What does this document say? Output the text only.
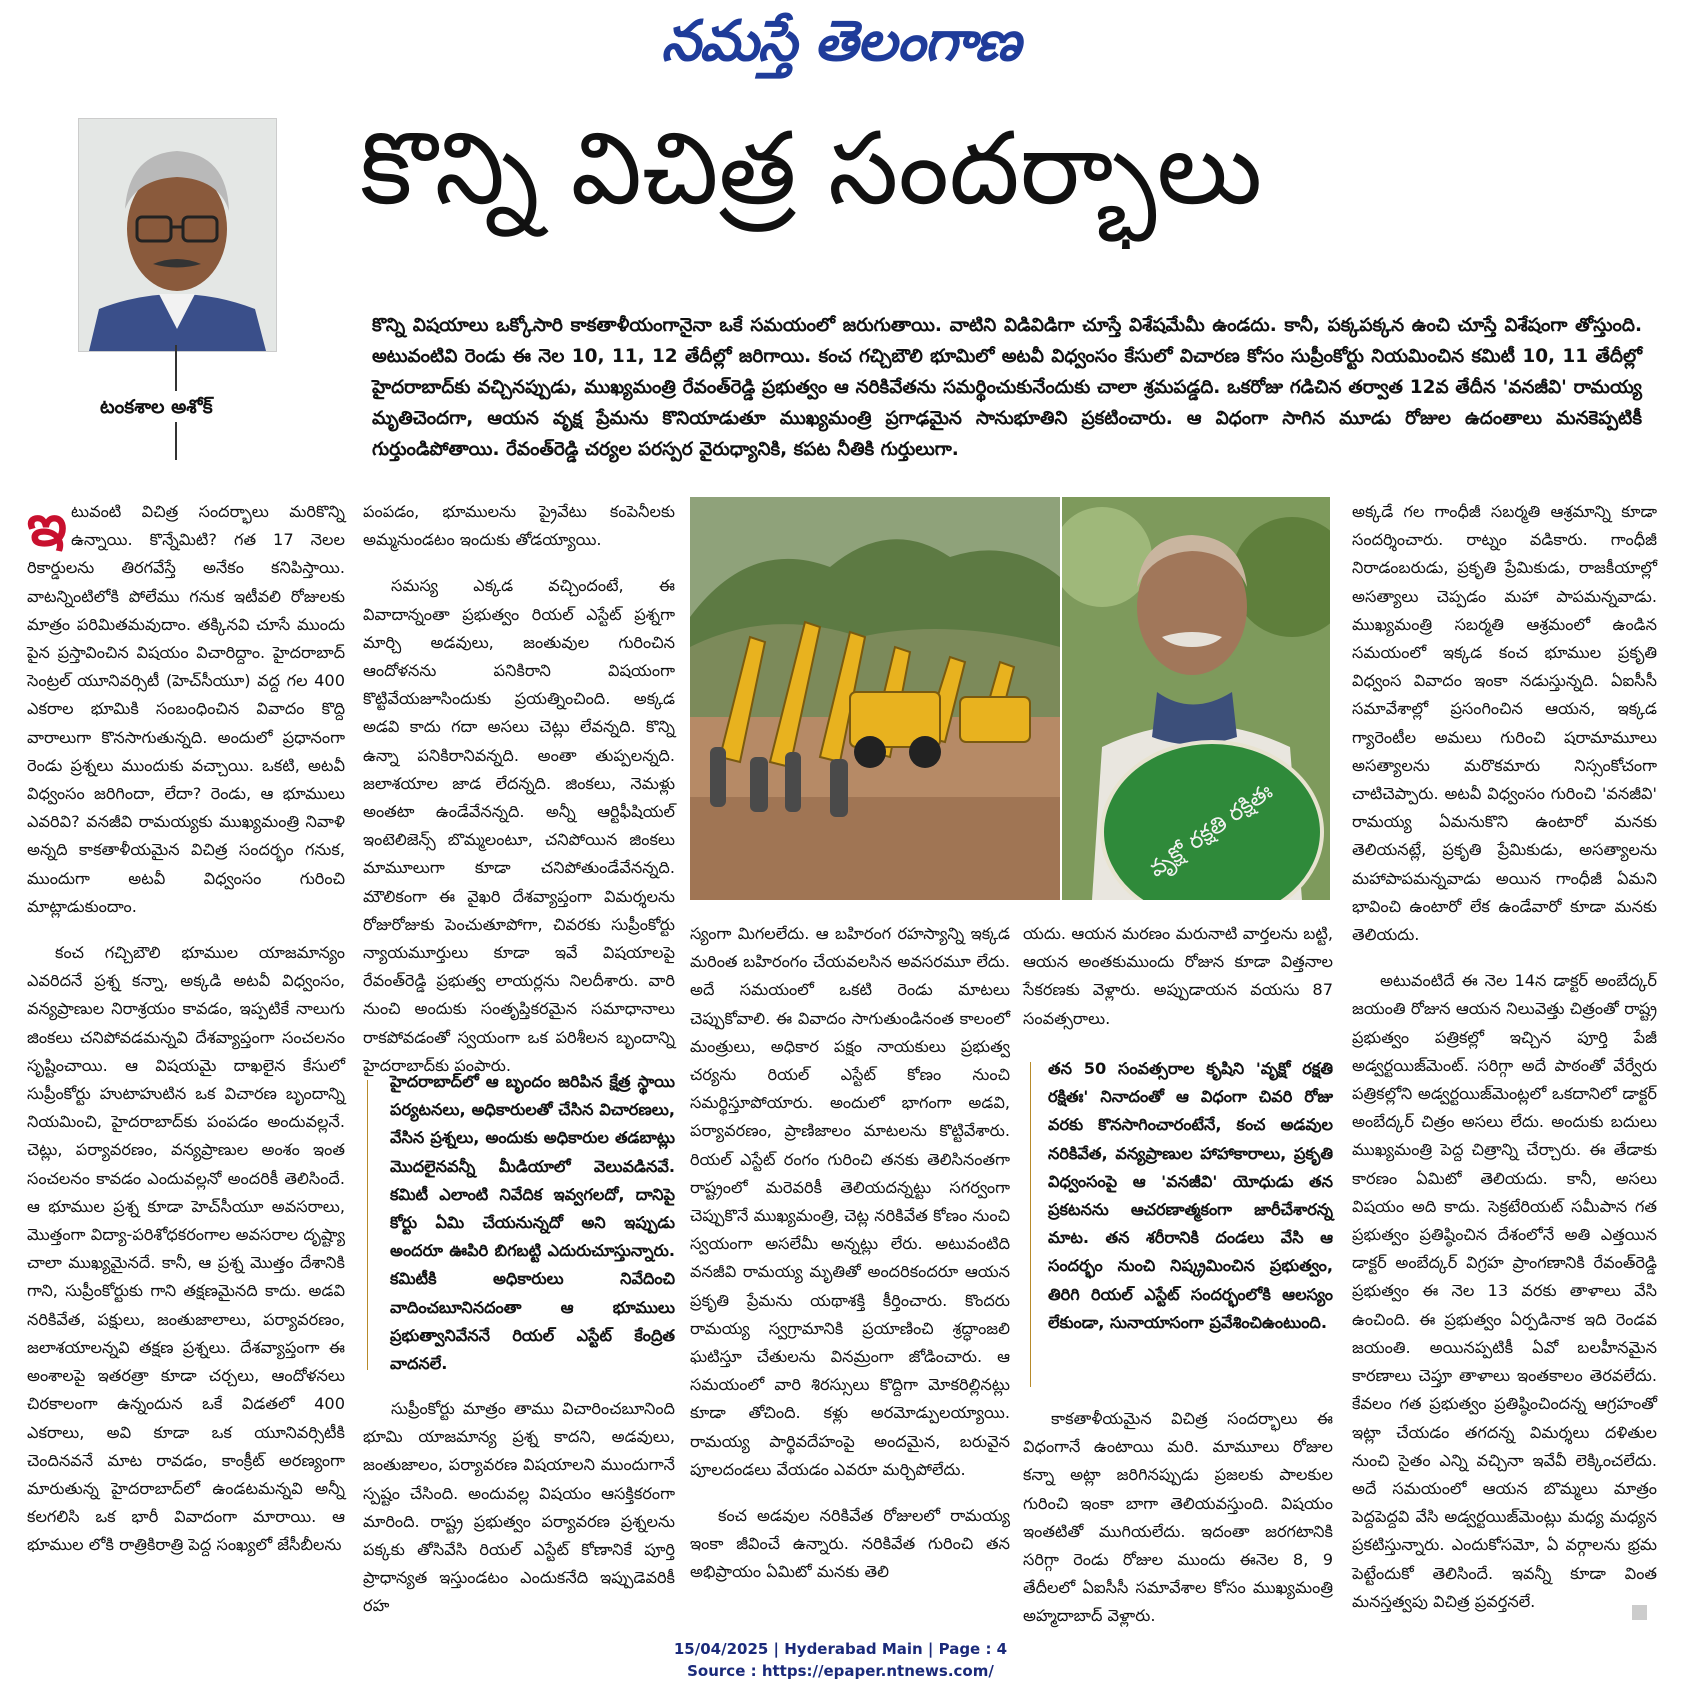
నమస్తే తెలంగాణ
టంకశాల అశోక్
కొన్ని విచిత్ర సందర్భాలు
కొన్ని విషయాలు ఒక్కోసారి కాకతాళీయంగానైనా ఒకే సమయంలో జరుగుతాయి. వాటిని విడివిడిగా చూస్తే విశేషమేమీ ఉండదు. కానీ, పక్కపక్కన ఉంచి చూస్తే విశేషంగా తోస్తుంది. అటువంటివి రెండు ఈ నెల 10, 11, 12 తేదీల్లో జరిగాయి. కంచ గచ్చిబౌలి భూమిలో అటవీ విధ్వంసం కేసులో విచారణ కోసం సుప్రీంకోర్టు నియమించిన కమిటీ 10, 11 తేదీల్లో హైదరాబాద్‌కు వచ్చినప్పుడు, ముఖ్యమంత్రి రేవంత్‌రెడ్డి ప్రభుత్వం ఆ నరికివేతను సమర్థించుకునేందుకు చాలా శ్రమపడ్డది. ఒకరోజు గడిచిన తర్వాత 12వ తేదీన 'వనజీవి' రామయ్య మృతిచెందగా, ఆయన వృక్ష ప్రేమను కొనియాడుతూ ముఖ్యమంత్రి ప్రగాఢమైన సానుభూతిని ప్రకటించారు. ఆ విధంగా సాగిన మూడు రోజుల ఉదంతాలు మనకెప్పటికీ గుర్తుండిపోతాయి. రేవంత్‌రెడ్డి చర్యల పరస్పర వైరుధ్యానికి, కపట నీతికి గుర్తులుగా.

ఇటువంటి విచిత్ర సందర్భాలు మరికొన్ని ఉన్నాయి. కొన్నేమిటి? గత 17 నెలల రికార్డులను తిరగవేస్తే అనేకం కనిపిస్తాయి. వాటన్నింటిలోకి పోలేము గనుక ఇటీవలి రోజులకు మాత్రం పరిమితమవుదాం. తక్కినవి చూసే ముందు పైన ప్రస్తావించిన విషయం విచారిద్దాం. హైదరాబాద్ సెంట్రల్ యూనివర్సిటీ (హెచ్‌సీయూ) వద్ద గల 400 ఎకరాల భూమికి సంబంధించిన వివాదం కొద్ది వారాలుగా కొనసాగుతున్నది. అందులో ప్రధానంగా రెండు ప్రశ్నలు ముందుకు వచ్చాయి. ఒకటి, అటవీ విధ్వంసం జరిగిందా, లేదా? రెండు, ఆ భూములు ఎవరివి? వనజీవి రామయ్యకు ముఖ్యమంత్రి నివాళి అన్నది కాకతాళీయమైన విచిత్ర సందర్భం గనుక, ముందుగా అటవీ విధ్వంసం గురించి మాట్లాడుకుందాం.

కంచ గచ్చిబౌలి భూముల యాజమాన్యం ఎవరిదనే ప్రశ్న కన్నా, అక్కడి అటవీ విధ్వంసం, వన్యప్రాణుల నిరాశ్రయం కావడం, ఇప్పటికే నాలుగు జింకలు చనిపోవడమన్నవి దేశవ్యాప్తంగా సంచలనం సృష్టించాయి. ఆ విషయమై దాఖలైన కేసులో సుప్రీంకోర్టు హుటాహుటిన ఒక విచారణ బృందాన్ని నియమించి, హైదరాబాద్‌కు పంపడం అందువల్లనే. చెట్లు, పర్యావరణం, వన్యప్రాణుల అంశం ఇంత సంచలనం కావడం ఎందువల్లనో అందరికీ తెలిసిందే. ఆ భూముల ప్రశ్న కూడా హెచ్‌సీయూ అవసరాలు, మొత్తంగా విద్యా-పరిశోధకరంగాల అవసరాల దృష్ట్యా చాలా ముఖ్యమైనదే. కానీ, ఆ ప్రశ్న మొత్తం దేశానికి గాని, సుప్రీంకోర్టుకు గాని తక్షణమైనది కాదు. అడవి నరికివేత, పక్షులు, జంతుజాలాలు, పర్యావరణం, జలాశయాలన్నవి తక్షణ ప్రశ్నలు. దేశవ్యాప్తంగా ఈ అంశాలపై ఇతరత్రా కూడా చర్చలు, ఆందోళనలు చిరకాలంగా ఉన్నందున ఒకే విడతలో 400 ఎకరాలు, అవి కూడా ఒక యూనివర్సిటీకి చెందినవనే మాట రావడం, కాంక్రీట్ అరణ్యంగా మారుతున్న హైదరాబాద్‌లో ఉండటమన్నవి అన్నీ కలగలిసి ఒక భారీ వివాదంగా మారాయి. ఆ భూముల లోకి రాత్రికిరాత్రి పెద్ద సంఖ్యలో జేసీబీలను

పంపడం, భూములను ప్రైవేటు కంపెనీలకు అమ్మనుండటం ఇందుకు తోడయ్యాయి.

సమస్య ఎక్కడ వచ్చిందంటే, ఈ వివాదాన్నంతా ప్రభుత్వం రియల్ ఎస్టేట్ ప్రశ్నగా మార్చి అడవులు, జంతువుల గురించిన ఆందోళనను పనికిరాని విషయంగా కొట్టివేయజూసిందుకు ప్రయత్నించింది. అక్కడ అడవి కాదు గదా అసలు చెట్లు లేవన్నది. కొన్ని ఉన్నా పనికిరానివన్నది. అంతా తుప్పలన్నది. జలాశయాల జాడ లేదన్నది. జింకలు, నెమళ్లు అంతటా ఉండేవేనన్నది. అన్నీ ఆర్టిఫీషియల్ ఇంటెలిజెన్స్ బొమ్మలంటూ, చనిపోయిన జింకలు మామూలుగా కూడా చనిపోతుండేవేనన్నది. మౌలికంగా ఈ వైఖరి దేశవ్యాప్తంగా విమర్శలను రోజురోజుకు పెంచుతూపోగా, చివరకు సుప్రీంకోర్టు న్యాయమూర్తులు కూడా ఇవే విషయాలపై రేవంత్‌రెడ్డి ప్రభుత్వ లాయర్లను నిలదీశారు. వారి నుంచి అందుకు సంతృప్తికరమైన సమాధానాలు రాకపోవడంతో స్వయంగా ఒక పరిశీలన బృందాన్ని హైదరాబాద్‌కు పంపారు.

హైదరాబాద్‌లో ఆ బృందం జరిపిన క్షేత్ర స్థాయి పర్యటనలు, అధికారులతో చేసిన విచారణలు, వేసిన ప్రశ్నలు, అందుకు అధికారుల తడబాట్లు మొదలైనవన్నీ మీడియాలో వెలువడినవే. కమిటీ ఎలాంటి నివేదిక ఇవ్వగలదో, దానిపై కోర్టు ఏమి చేయనున్నదో అని ఇప్పుడు అందరూ ఊపిరి బిగబట్టి ఎదురుచూస్తున్నారు. కమిటీకి అధికారులు నివేదించి వాదించబూనినదంతా ఆ భూములు ప్రభుత్వానివేననే రియల్ ఎస్టేట్ కేంద్రిత వాదనలే.

సుప్రీంకోర్టు మాత్రం తాము విచారించబూనింది భూమి యాజమాన్య ప్రశ్న కాదని, అడవులు, జంతుజాలం, పర్యావరణ విషయాలని ముందుగానే స్పష్టం చేసింది. అందువల్ల విషయం ఆసక్తికరంగా మారింది. రాష్ట్ర ప్రభుత్వం పర్యావరణ ప్రశ్నలను పక్కకు తోసివేసి రియల్ ఎస్టేట్ కోణానికే పూర్తి ప్రాధాన్యత ఇస్తుండటం ఎందుకనేది ఇప్పుడెవరికీ రహ

వృక్షో రక్షతి రక్షితః

స్యంగా మిగలలేదు. ఆ బహిరంగ రహస్యాన్ని ఇక్కడ మరింత బహిరంగం చేయవలసిన అవసరమూ లేదు. అదే సమయంలో ఒకటి రెండు మాటలు చెప్పుకోవాలి. ఈ వివాదం సాగుతుండినంత కాలంలో మంత్రులు, అధికార పక్షం నాయకులు ప్రభుత్వ చర్యను రియల్ ఎస్టేట్ కోణం నుంచి సమర్థిస్తూపోయారు. అందులో భాగంగా అడవి, పర్యావరణం, ప్రాణిజాలం మాటలను కొట్టివేశారు. రియల్ ఎస్టేట్ రంగం గురించి తనకు తెలిసినంతగా రాష్ట్రంలో మరెవరికీ తెలియదన్నట్టు సగర్వంగా చెప్పుకొనే ముఖ్యమంత్రి, చెట్ల నరికివేత కోణం నుంచి స్వయంగా అసలేమీ అన్నట్లు లేరు. అటువంటిది వనజీవి రామయ్య మృతితో అందరికందరూ ఆయన ప్రకృతి ప్రేమను యథాశక్తి కీర్తించారు. కొందరు రామయ్య స్వగ్రామానికి ప్రయాణించి శ్రద్ధాంజలి ఘటిస్తూ చేతులను వినమ్రంగా జోడించారు. ఆ సమయంలో వారి శిరస్సులు కొద్దిగా మోకరిల్లినట్లు కూడా తోచింది. కళ్లు అరమోడ్పులయ్యాయి. రామయ్య పార్థివదేహంపై అందమైన, బరువైన పూలదండలు వేయడం ఎవరూ మర్చిపోలేదు.

కంచ అడవుల నరికివేత రోజులలో రామయ్య ఇంకా జీవించే ఉన్నారు. నరికివేత గురించి తన అభిప్రాయం ఏమిటో మనకు తెలి

యదు. ఆయన మరణం మరునాటి వార్తలను బట్టి, ఆయన అంతకుముందు రోజున కూడా విత్తనాల సేకరణకు వెళ్లారు. అప్పుడాయన వయసు 87 సంవత్సరాలు.

తన 50 సంవత్సరాల కృషిని 'వృక్షో రక్షతి రక్షితః' నినాదంతో ఆ విధంగా చివరి రోజు వరకు కొనసాగించారంటేనే, కంచ అడవుల నరికివేత, వన్యప్రాణుల హాహాకారాలు, ప్రకృతి విధ్వంసంపై ఆ 'వనజీవి' యోధుడు తన ప్రకటనను ఆచరణాత్మకంగా జారీచేశారన్న మాట. తన శరీరానికి దండలు వేసి ఆ సందర్భం నుంచి నిష్క్రమించిన ప్రభుత్వం, తిరిగి రియల్ ఎస్టేట్ సందర్భంలోకి ఆలస్యం లేకుండా, సునాయాసంగా ప్రవేశించిఉంటుంది.

కాకతాళీయమైన విచిత్ర సందర్భాలు ఈ విధంగానే ఉంటాయి మరి. మామూలు రోజుల కన్నా అట్లా జరిగినప్పుడు ప్రజలకు పాలకుల గురించి ఇంకా బాగా తెలియవస్తుంది. విషయం ఇంతటితో ముగియలేదు. ఇదంతా జరగటానికి సరిగ్గా రెండు రోజుల ముందు ఈనెల 8, 9 తేదీలలో ఏఐసీసీ సమావేశాల కోసం ముఖ్యమంత్రి అహ్మదాబాద్ వెళ్లారు.

అక్కడే గల గాంధీజీ సబర్మతి ఆశ్రమాన్ని కూడా సందర్శించారు. రాట్నం వడికారు. గాంధీజీ నిరాడంబరుడు, ప్రకృతి ప్రేమికుడు, రాజకీయాల్లో అసత్యాలు చెప్పడం మహా పాపమన్నవాడు. ముఖ్యమంత్రి సబర్మతి ఆశ్రమంలో ఉండిన సమయంలో ఇక్కడ కంచ భూముల ప్రకృతి విధ్వంస వివాదం ఇంకా నడుస్తున్నది. ఏఐసీసీ సమావేశాల్లో ప్రసంగించిన ఆయన, ఇక్కడ గ్యారెంటీల అమలు గురించి షరామామూలు అసత్యాలను మరొకమారు నిస్సంకోచంగా చాటిచెప్పారు. అటవీ విధ్వంసం గురించి 'వనజీవి' రామయ్య ఏమనుకొని ఉంటారో మనకు తెలియనట్లే, ప్రకృతి ప్రేమికుడు, అసత్యాలను మహాపాపమన్నవాడు అయిన గాంధీజీ ఏమని భావించి ఉంటారో లేక ఉండేవారో కూడా మనకు తెలియదు.

అటువంటిదే ఈ నెల 14న డాక్టర్ అంబేద్కర్ జయంతి రోజున ఆయన నిలువెత్తు చిత్రంతో రాష్ట్ర ప్రభుత్వం పత్రికల్లో ఇచ్చిన పూర్తి పేజీ అడ్వర్టయిజ్‌మెంట్. సరిగ్గా అదే పాఠంతో వేర్వేరు పత్రికల్లోని అడ్వర్టయిజ్‌మెంట్లలో ఒకదానిలో డాక్టర్ అంబేద్కర్ చిత్రం అసలు లేదు. అందుకు బదులు ముఖ్యమంత్రి పెద్ద చిత్రాన్ని చేర్చారు. ఈ తేడాకు కారణం ఏమిటో తెలియదు. కానీ, అసలు విషయం అది కాదు. సెక్రటేరియట్ సమీపాన గత ప్రభుత్వం ప్రతిష్ఠించిన దేశంలోనే అతి ఎత్తయిన డాక్టర్ అంబేద్కర్ విగ్రహ ప్రాంగణానికి రేవంత్‌రెడ్డి ప్రభుత్వం ఈ నెల 13 వరకు తాళాలు వేసి ఉంచింది. ఈ ప్రభుత్వం ఏర్పడినాక ఇది రెండవ జయంతి. అయినప్పటికీ ఏవో బలహీనమైన కారణాలు చెప్తూ తాళాలు ఇంతకాలం తెరవలేదు. కేవలం గత ప్రభుత్వం ప్రతిష్ఠించిందన్న ఆగ్రహంతో ఇట్లా చేయడం తగదన్న విమర్శలు దళితుల నుంచి సైతం ఎన్ని వచ్చినా ఇవేవీ లెక్కించలేదు. అదే సమయంలో ఆయన బొమ్మలు మాత్రం పెద్దపెద్దవి వేసి అడ్వర్టయిజ్‌మెంట్లు మధ్య మధ్యన ప్రకటిస్తున్నారు. ఎందుకోసమో, ఏ వర్గాలను భ్రమ పెట్టేందుకో తెలిసిందే. ఇవన్నీ కూడా వింత మనస్తత్వపు విచిత్ర ప్రవర్తనలే.

15/04/2025 | Hyderabad Main | Page : 4
Source : https://epaper.ntnews.com/
